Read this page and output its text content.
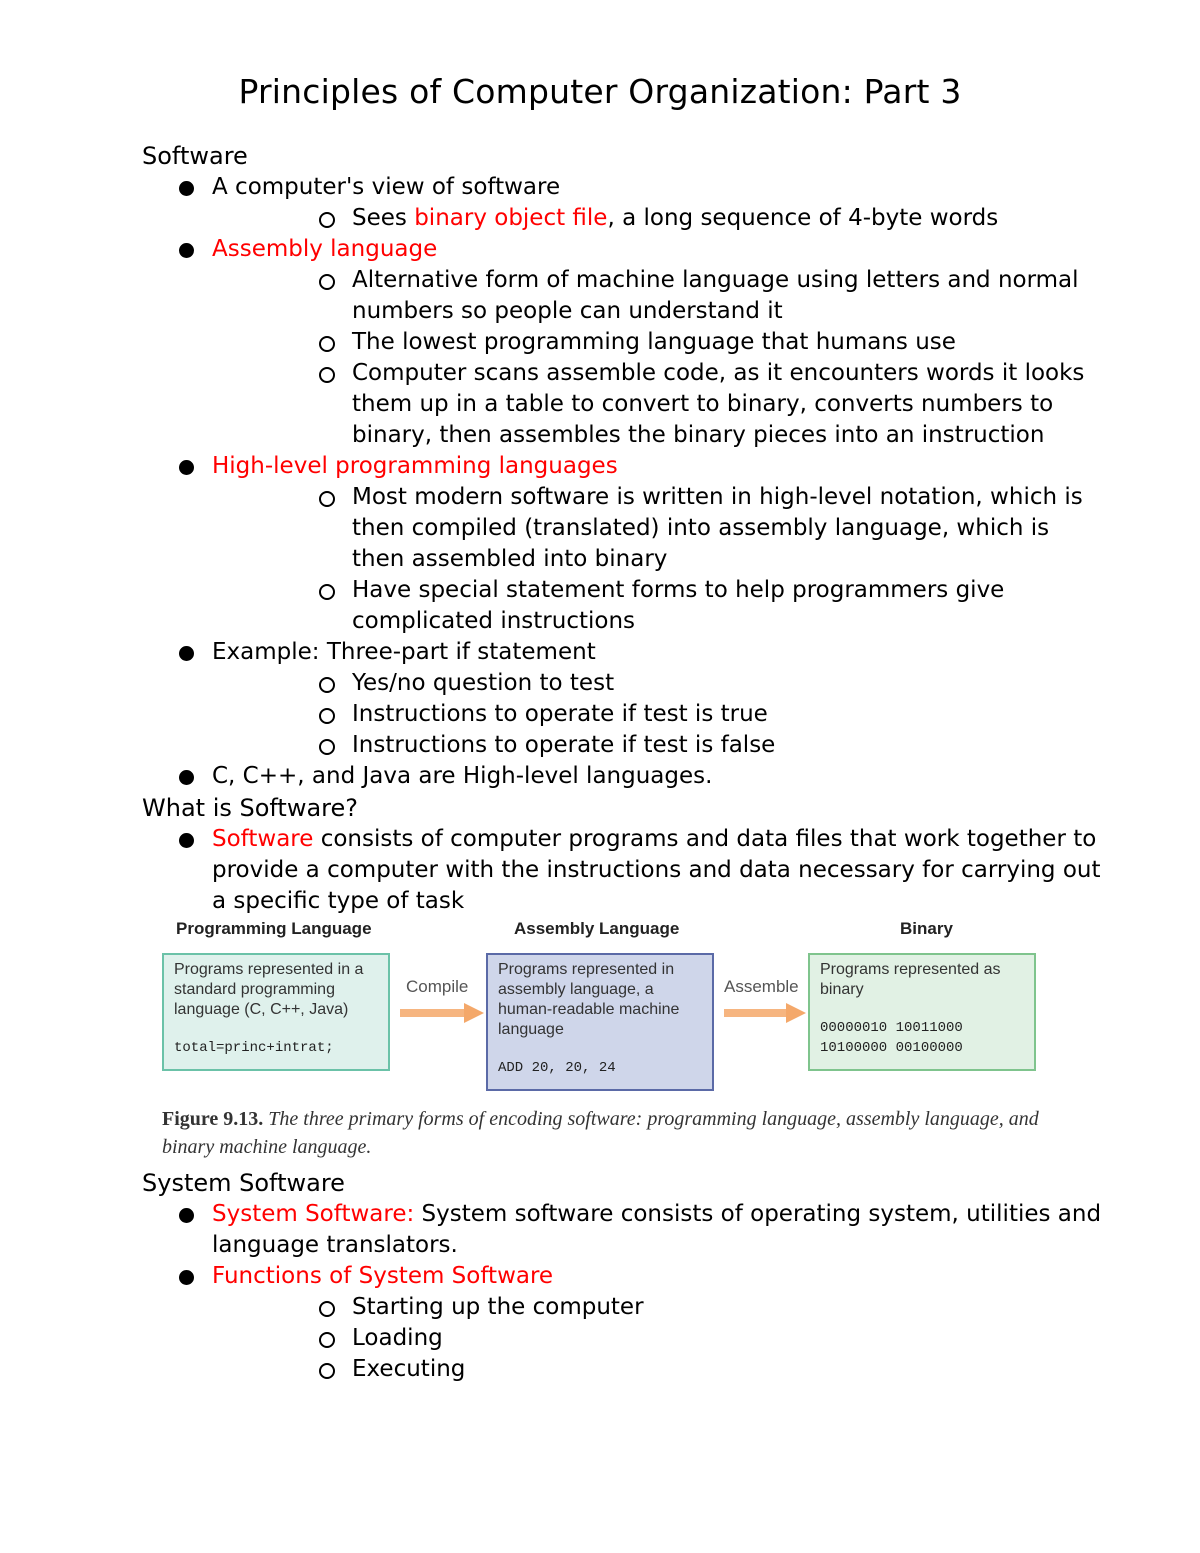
Principles of Computer Organization: Part 3
Software
A computer's view of software
Sees binary object file, a long sequence of 4-byte words
Assembly language
Alternative form of machine language using letters and normal numbers so people can understand it
The lowest programming language that humans use
Computer scans assemble code, as it encounters words it looks them up in a table to convert to binary, converts numbers to binary, then assembles the binary pieces into an instruction
High-level programming languages
Most modern software is written in high-level notation, which is then compiled (translated) into assembly language, which is then assembled into binary
Have special statement forms to help programmers give complicated instructions
Example: Three-part if statement
Yes/no question to test
Instructions to operate if test is true
Instructions to operate if test is false
C, C++, and Java are High-level languages.
What is Software?
Software consists of computer programs and data files that work together to provide a computer with the instructions and data necessary for carrying out a specific type of task
Programming Language	Assembly Language	Binary
Programs represented in a standard programming language (C, C++, Java)
total=princ+intrat;
Compile
Programs represented in assembly language, a human-readable machine language
ADD 20, 20, 24
Assemble
Programs represented as binary
00000010 10011000
10100000 00100000
Figure 9.13. The three primary forms of encoding software: programming language, assembly language, and binary machine language.
System Software
System Software: System software consists of operating system, utilities and language translators.
Functions of System Software
Starting up the computer
Loading
Executing
